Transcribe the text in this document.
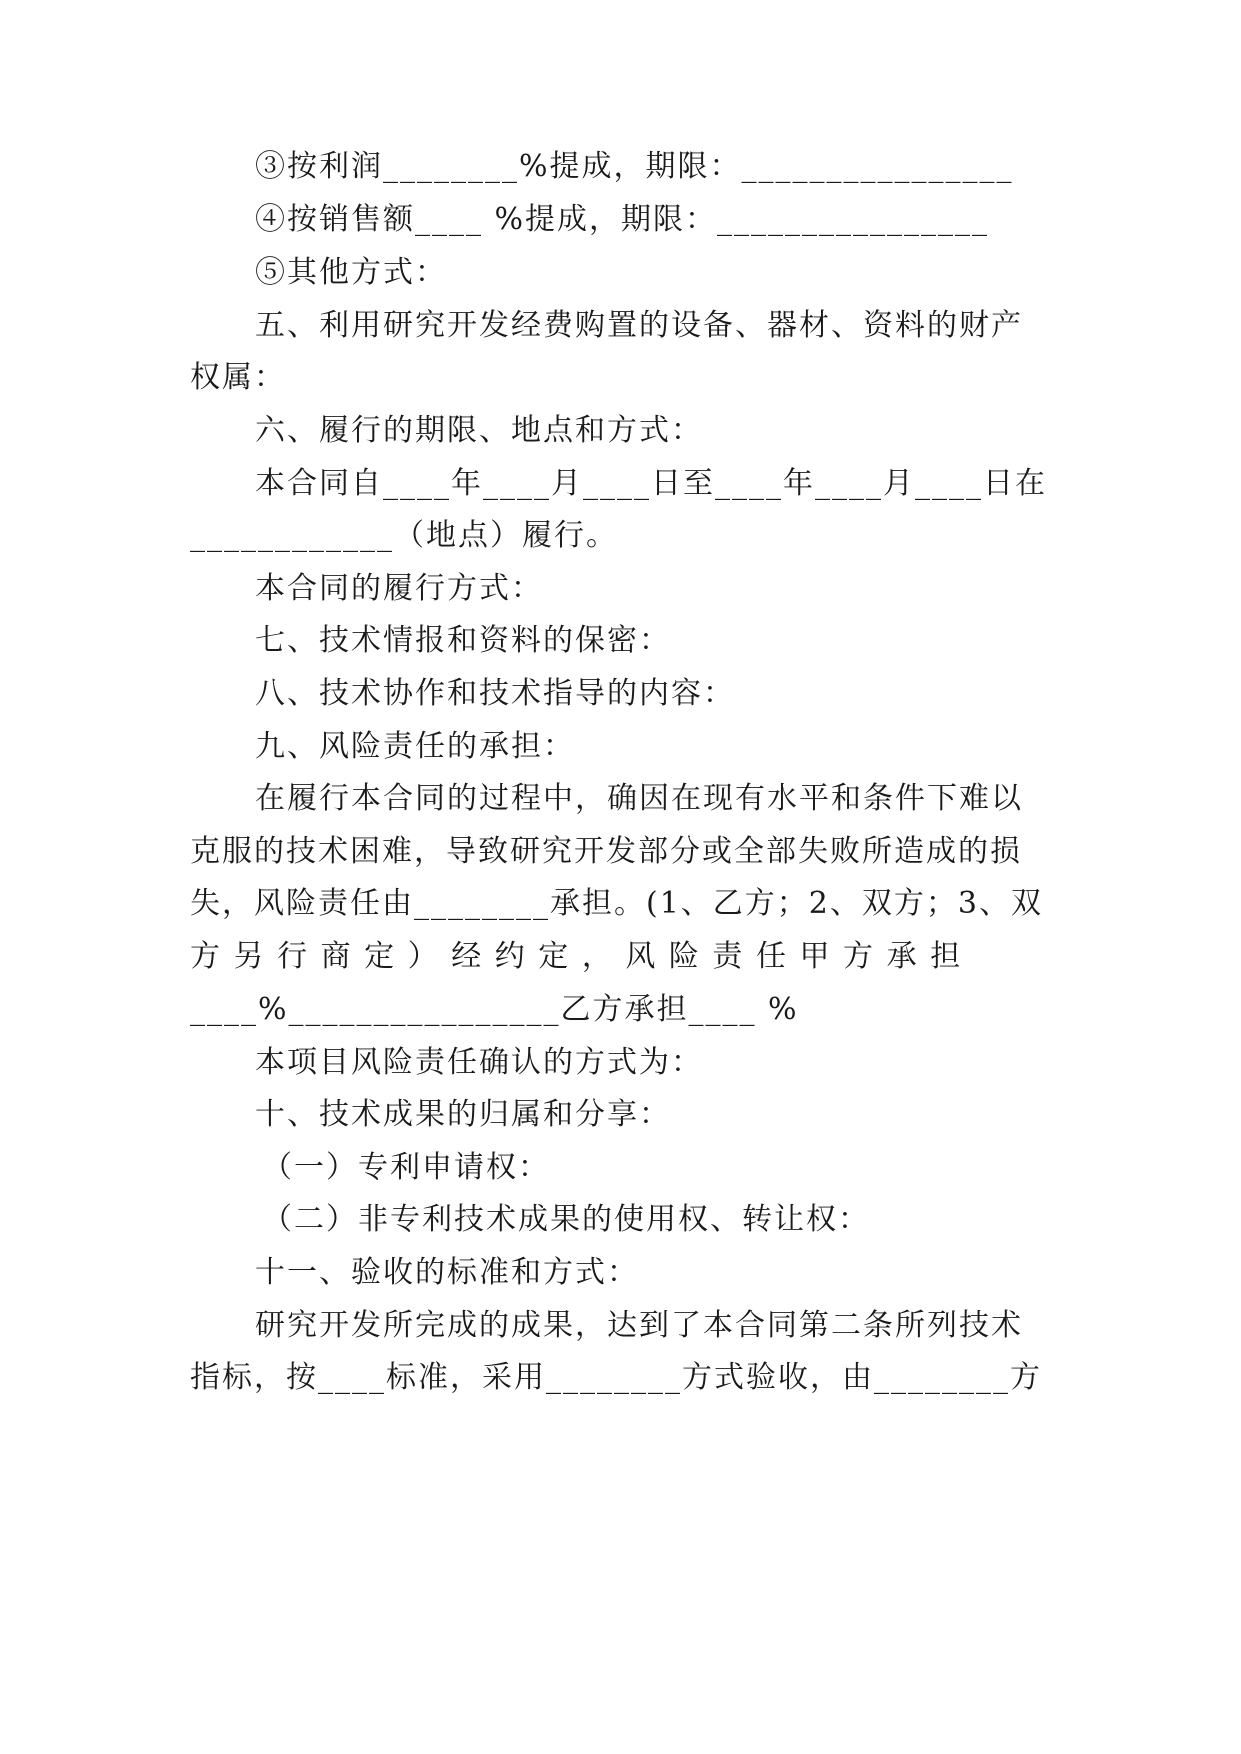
③按利润________%提成，期限：________________
④按销售额____ %提成，期限：________________
⑤其他方式：
五、利用研究开发经费购置的设备、器材、资料的财产
权属：
六、履行的期限、地点和方式：
本合同自____年____月____日至____年____月____日在
____________（地点）履行。
本合同的履行方式：
七、技术情报和资料的保密：
八、技术协作和技术指导的内容：
九、风险责任的承担：
在履行本合同的过程中，确因在现有水平和条件下难以
克服的技术困难，导致研究开发部分或全部失败所造成的损
失，风险责任由________承担。(1、乙方；2、双方；3、双
方 另 行 商 定 ） 经 约 定 ， 风 险 责 任 甲 方 承 担
____%________________乙方承担____ %
本项目风险责任确认的方式为：
十、技术成果的归属和分享：
（一）专利申请权：
（二）非专利技术成果的使用权、转让权：
十一、验收的标准和方式：
研究开发所完成的成果，达到了本合同第二条所列技术
指标，按____标准，采用________方式验收，由________方
